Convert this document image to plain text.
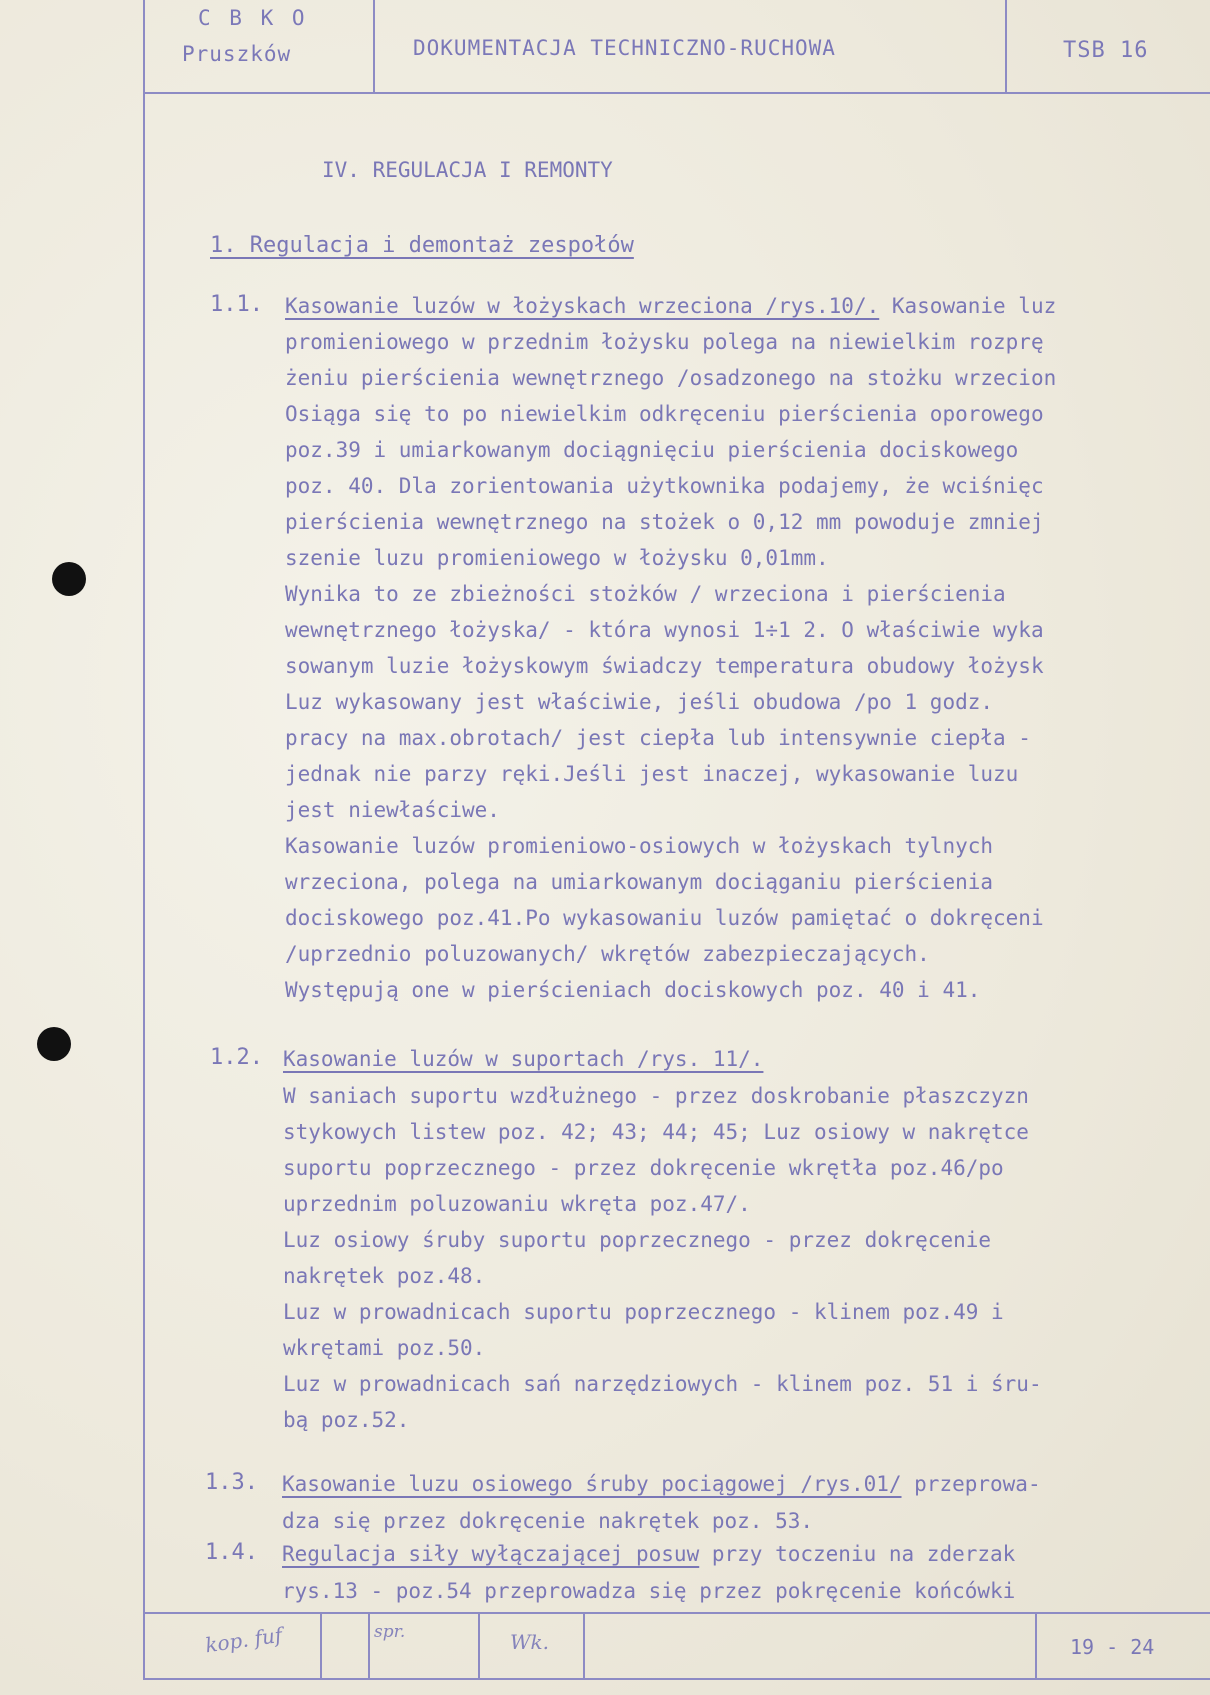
C B K O
Pruszków	DOKUMENTACJA TECHNICZNO-RUCHOWA	TSB 16
IV. REGULACJA I REMONTY
1. Regulacja i demontaż zespołów
1.1. Kasowanie luzów w łożyskach wrzeciona /rys.10/. Kasowanie luz
promieniowego w przednim łożysku polega na niewielkim rozprę
żeniu pierścienia wewnętrznego /osadzonego na stożku wrzecion
Osiąga się to po niewielkim odkręceniu pierścienia oporowego
poz.39 i umiarkowanym dociągnięciu pierścienia dociskowego
poz. 40. Dla zorientowania użytkownika podajemy, że wciśnięc
pierścienia wewnętrznego na stożek o 0,12 mm powoduje zmniej
szenie luzu promieniowego w łożysku 0,01mm.
Wynika to ze zbieżności stożków / wrzeciona i pierścienia
wewnętrznego łożyska/ - która wynosi 1÷1 2. O właściwie wyka
sowanym luzie łożyskowym świadczy temperatura obudowy łożysk
Luz wykasowany jest właściwie, jeśli obudowa /po 1 godz.
pracy na max.obrotach/ jest ciepła lub intensywnie ciepła -
jednak nie parzy ręki.Jeśli jest inaczej, wykasowanie luzu
jest niewłaściwe.
Kasowanie luzów promieniowo-osiowych w łożyskach tylnych
wrzeciona, polega na umiarkowanym dociąganiu pierścienia
dociskowego poz.41.Po wykasowaniu luzów pamiętać o dokręceni
/uprzednio poluzowanych/ wkrętów zabezpieczających.
Występują one w pierścieniach dociskowych poz. 40 i 41.
1.2. Kasowanie luzów w suportach /rys. 11/.
W saniach suportu wzdłużnego - przez doskrobanie płaszczyzn
stykowych listew poz. 42; 43; 44; 45; Luz osiowy w nakrętce
suportu poprzecznego - przez dokręcenie wkrętła poz.46/po
uprzednim poluzowaniu wkręta poz.47/.
Luz osiowy śruby suportu poprzecznego - przez dokręcenie
nakrętek poz.48.
Luz w prowadnicach suportu poprzecznego - klinem poz.49 i
wkrętami poz.50.
Luz w prowadnicach sań narzędziowych - klinem poz. 51 i śru-
bą poz.52.
1.3. Kasowanie luzu osiowego śruby pociągowej /rys.01/ przeprowa-
dza się przez dokręcenie nakrętek poz. 53.
1.4. Regulacja siły wyłączającej posuw przy toczeniu na zderzak
rys.13 - poz.54 przeprowadza się przez pokręcenie końcówki
kop. fuf	spr.	Wk.	19 - 24
